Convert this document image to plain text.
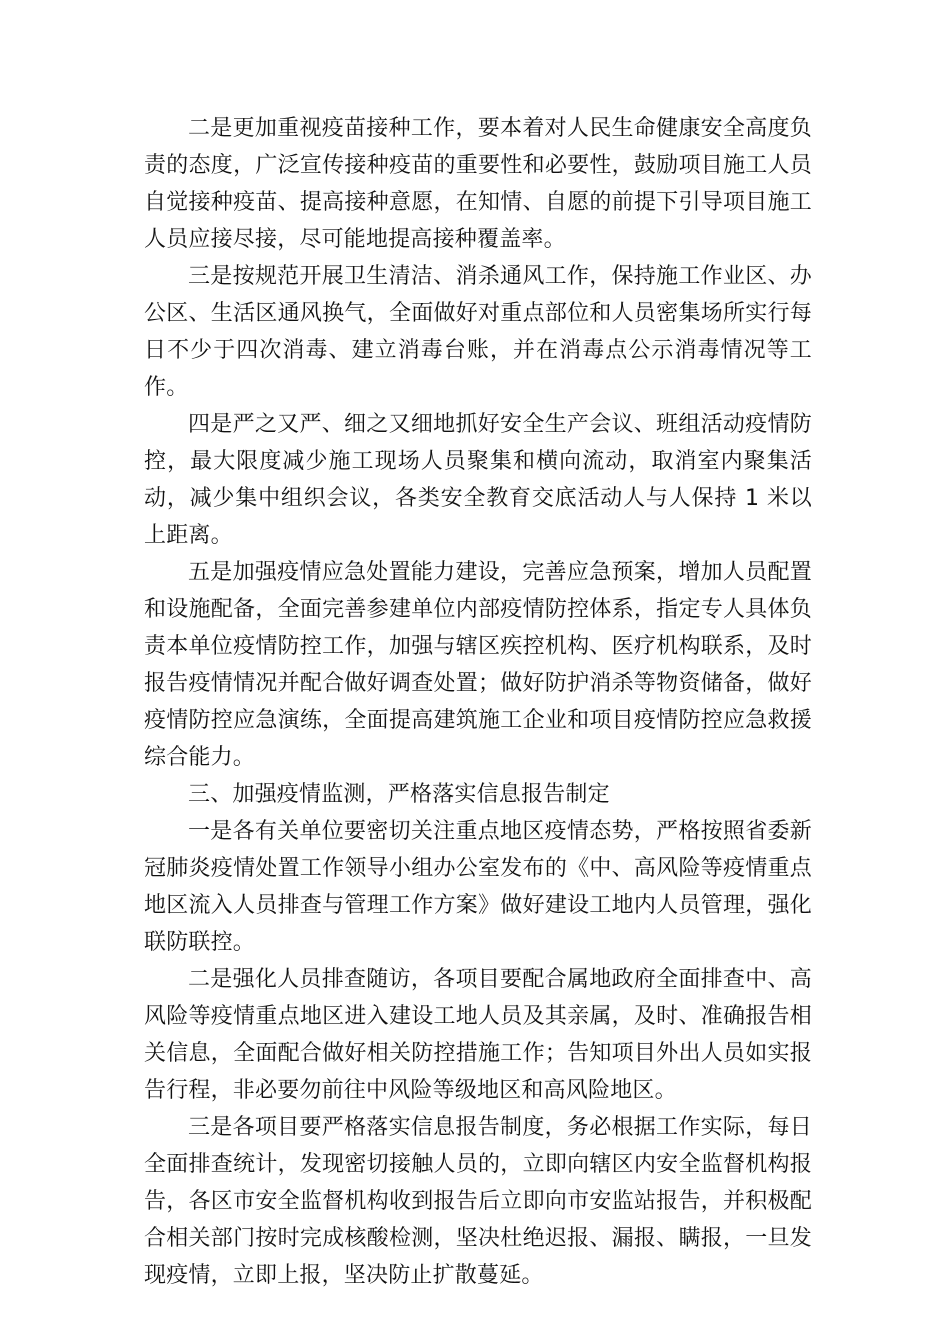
二是更加重视疫苗接种工作，要本着对人民生命健康安全高度负责的态度，广泛宣传接种疫苗的重要性和必要性，鼓励项目施工人员自觉接种疫苗、提高接种意愿，在知情、自愿的前提下引导项目施工人员应接尽接，尽可能地提高接种覆盖率。

三是按规范开展卫生清洁、消杀通风工作，保持施工作业区、办公区、生活区通风换气，全面做好对重点部位和人员密集场所实行每日不少于四次消毒、建立消毒台账，并在消毒点公示消毒情况等工作。

四是严之又严、细之又细地抓好安全生产会议、班组活动疫情防控，最大限度减少施工现场人员聚集和横向流动，取消室内聚集活动，减少集中组织会议，各类安全教育交底活动人与人保持 1 米以上距离。

五是加强疫情应急处置能力建设，完善应急预案，增加人员配置和设施配备，全面完善参建单位内部疫情防控体系，指定专人具体负责本单位疫情防控工作，加强与辖区疾控机构、医疗机构联系，及时报告疫情情况并配合做好调查处置；做好防护消杀等物资储备，做好疫情防控应急演练，全面提高建筑施工企业和项目疫情防控应急救援综合能力。

三、加强疫情监测，严格落实信息报告制定

一是各有关单位要密切关注重点地区疫情态势，严格按照省委新冠肺炎疫情处置工作领导小组办公室发布的《中、高风险等疫情重点地区流入人员排查与管理工作方案》做好建设工地内人员管理，强化联防联控。

二是强化人员排查随访，各项目要配合属地政府全面排查中、高风险等疫情重点地区进入建设工地人员及其亲属，及时、准确报告相关信息，全面配合做好相关防控措施工作；告知项目外出人员如实报告行程，非必要勿前往中风险等级地区和高风险地区。

三是各项目要严格落实信息报告制度，务必根据工作实际，每日全面排查统计，发现密切接触人员的，立即向辖区内安全监督机构报告，各区市安全监督机构收到报告后立即向市安监站报告，并积极配合相关部门按时完成核酸检测，坚决杜绝迟报、漏报、瞒报，一旦发现疫情，立即上报，坚决防止扩散蔓延。
